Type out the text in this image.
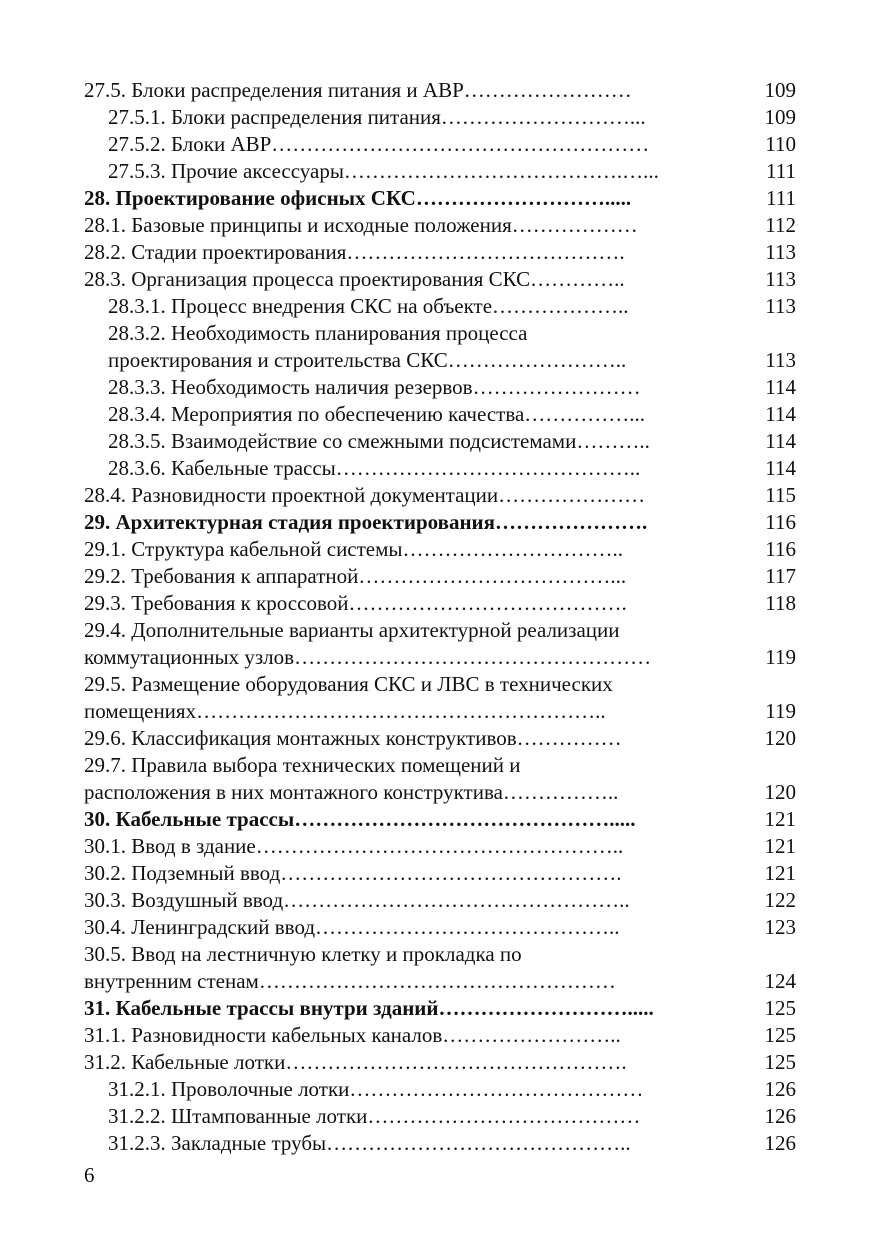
27.5. Блоки распределения питания и АВР……………………	109
27.5.1. Блоки распределения питания………………………...	109
27.5.2. Блоки АВР………………………………………………	110
27.5.3. Прочие аксессуары………………………………….…...	111
28. Проектирование офисных СКС……………………….....	111
28.1. Базовые принципы и исходные положения………………	112
28.2. Стадии проектирования………………………………….	113
28.3. Организация процесса проектирования СКС…………..	113
28.3.1. Процесс внедрения СКС на объекте………………..	113
28.3.2. Необходимость планирования процесса
проектирования и строительства СКС……………………..	113
28.3.3. Необходимость наличия резервов……………………	114
28.3.4. Мероприятия по обеспечению качества……………...	114
28.3.5. Взаимодействие со смежными подсистемами………..	114
28.3.6. Кабельные трассы……………………………………..	114
28.4. Разновидности проектной документации…………………	115
29. Архитектурная стадия проектирования………………….	116
29.1. Структура кабельной системы…………………………..	116
29.2. Требования к аппаратной………………………………...	117
29.3. Требования к кроссовой………………………………….	118
29.4. Дополнительные варианты архитектурной реализации
коммутационных узлов……………………………………………	119
29.5. Размещение оборудования СКС и ЛВС в технических
помещениях…………………………………………………..	119
29.6. Классификация монтажных конструктивов……………	120
29.7. Правила выбора технических помещений и
расположения в них монтажного конструктива……………..	120
30. Кабельные трассы……………………………………….....	121
30.1. Ввод в здание……………………………………………..	121
30.2. Подземный ввод………………………………………….	121
30.3. Воздушный ввод…………………………………………..	122
30.4. Ленинградский ввод……………………………………..	123
30.5. Ввод на лестничную клетку и прокладка по
внутренним стенам……………………………………………	124
31. Кабельные трассы внутри зданий……………………….....	125
31.1. Разновидности кабельных каналов……………………..	125
31.2. Кабельные лотки………………………………………….	125
31.2.1. Проволочные лотки……………………………………	126
31.2.2. Штампованные лотки…………………………………	126
31.2.3. Закладные трубы……………………………………..	126
6
